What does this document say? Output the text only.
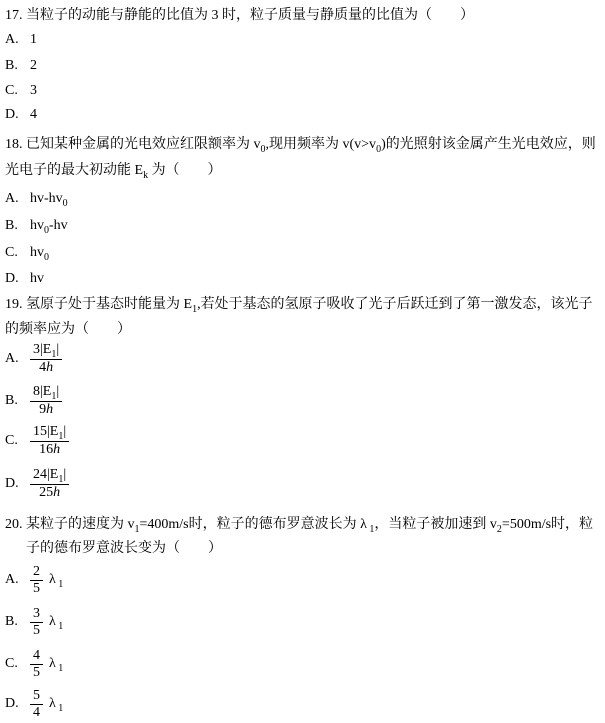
17. 当粒子的动能与静能的比值为 3 时，粒子质量与静质量的比值为（        ）
A. 1
B. 2
C. 3
D. 4
18. 已知某种金属的光电效应红限额率为 $v_0$,现用频率为 $v(v>v_0)$的光照射该金属产生光电效应，则
光电子的最大初动能 $E_k$ 为（        ）
A. $hv-hv_0$
B. $hv_0-hv$
C. $hv_0$
D. hv
19. 氢原子处于基态时能量为 $E_1$,若处于基态的氢原子吸收了光子后跃迁到了第一激发态，该光子
的频率应为（        ）
A. $\frac{3|E_1|}{4h}$
B. $\frac{8|E_1|}{9h}$
C. $\frac{15|E_1|}{16h}$
D. $\frac{24|E_1|}{25h}$
20. 某粒子的速度为 $v_1=400m/s$时，粒子的德布罗意波长为 λ $_1$，当粒子被加速到 $v_2=500m/s$时，粒
子的德布罗意波长变为（        ）
A. $\frac{2}{5}$ λ $_1$
B. $\frac{3}{5}$ λ $_1$
C. $\frac{4}{5}$ λ $_1$
D. $\frac{5}{4}$ λ $_1$
